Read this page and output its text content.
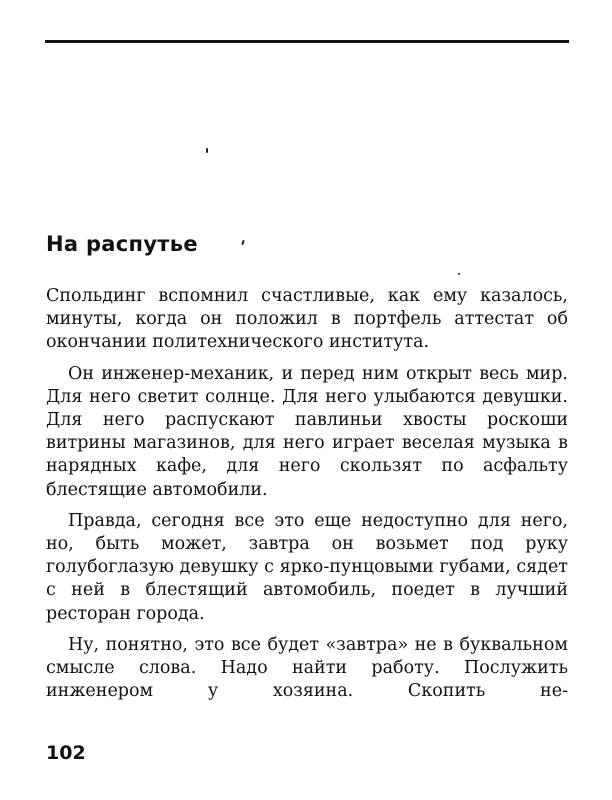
На распутье

Спольдинг вспомнил счастливые, как ему казалось, минуты, когда он положил в портфель аттестат об окончании политехнического института.

Он инженер-механик, и перед ним открыт весь мир. Для него светит солнце. Для него улыбаются девушки. Для него распускают павлиньи хвосты роскоши витрины магазинов, для него играет веселая музыка в нарядных кафе, для него скользят по асфальту блестящие автомобили.

Правда, сегодня все это еще недоступно для него, но, быть может, завтра он возьмет под руку голубоглазую девушку с ярко-пунцовыми губами, сядет с ней в блестящий автомобиль, поедет в лучший ресторан города.

Ну, понятно, это все будет «завтра» не в буквальном смысле слова. Надо найти работу. Послужить инженером у хозяина. Скопить не-

102
